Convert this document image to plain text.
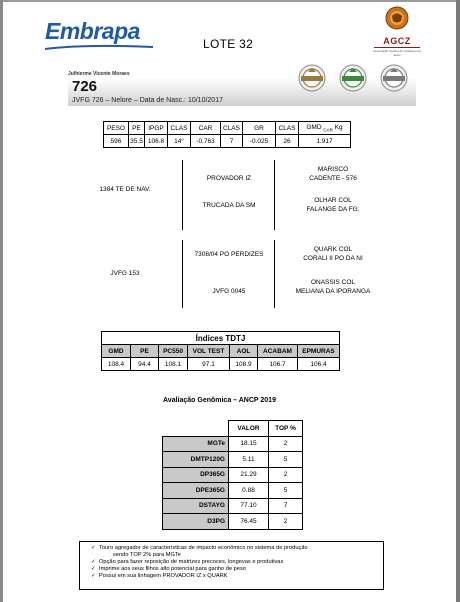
Embrapa	LOTE 32	AGCZ
Associação Goiana de Criadores de Zebu
Julhierme Vicente Moraes
726
JVFG 726 – Nelore – Data de Nasc.: 10/10/2017
PESO	PE	IPGP	CLAS	CAR	CLAS	GR	CLAS	GMD $_{CAR}$ Kg
596	35.5	106.8	14°	-0.763	7	-0.025	26	1.917
1384 TE DE NAV.
PROVADOR IZ
TRUCADA DA SM
MARISCO
CADENTE - 576
OLHAR COL
FALANGE DA FG.
JVFG 153
7308/04 PO PERDIZES
JVFG 0045
QUARK COL
CORALI II PO DA NI
ONASSIS COL
MELIANA DA IPORANGA
Índices TDTJ						
GMD	PE	PC550	VOL TEST	AOL	ACABAM	EPMURAS
108.4	94.4	108.1	97.1	108.9	106.7	106.4
Avaliação Genômica – ANCP 2019
	VALOR	TOP %
MGTe	18.15	2
DMTP120G	5.11	5
DP365G	21.29	2
DPE365G	0.88	5
DSTAYG	77.10	7
D3PG	76.45	2
✓ Touro agregador de características de impacto econômico no sistema de produção
sendo TOP 2% para MGTe
✓ Opção para fazer reposição de matrizes precoces, longevas e produtivas
✓ Imprime aos seus filhos alto potencial para ganho de peso
✓ Possui em sua linhagem PROVADOR IZ x QUARK
